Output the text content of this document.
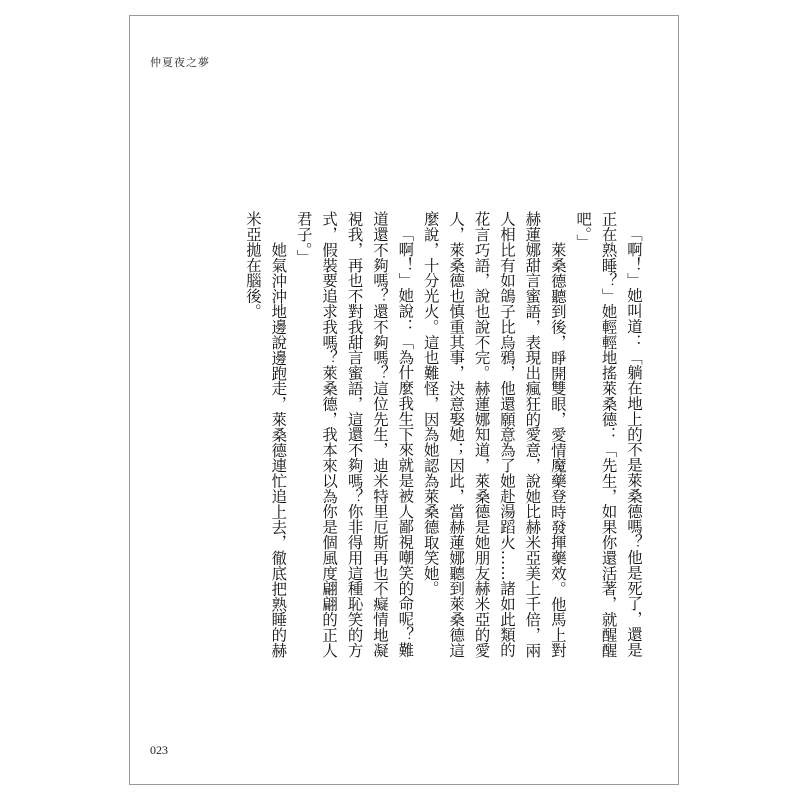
仲夏夜之夢

「啊！」她叫道：「躺在地上的不是萊桑德嗎？他是死了，還是正在熟睡？」她輕輕地搖萊桑德：「先生，如果你還活著，就醒醒吧。」

萊桑德聽到後，睜開雙眼，愛情魔藥登時發揮藥效。他馬上對赫蓮娜甜言蜜語，表現出瘋狂的愛意，說她比赫米亞美上千倍，兩人相比有如鴿子比烏鴉，他還願意為了她赴湯蹈火……諸如此類的花言巧語，說也說不完。赫蓮娜知道，萊桑德是她朋友赫米亞的愛人，萊桑德也慎重其事，決意娶她；因此，當赫蓮娜聽到萊桑德這麼說，十分光火。這也難怪，因為她認為萊桑德取笑她。

「啊！」她說：「為什麼我生下來就是被人鄙視嘲笑的命呢？難道還不夠嗎？還不夠嗎？這位先生，迪米特里厄斯再也不癡情地凝視我，再也不對我甜言蜜語，這還不夠嗎？你非得用這種恥笑的方式，假裝要追求我嗎？萊桑德，我本來以為你是個風度翩翩的正人君子。」

她氣沖沖地邊說邊跑走，萊桑德連忙追上去，徹底把熟睡的赫米亞拋在腦後。

023
